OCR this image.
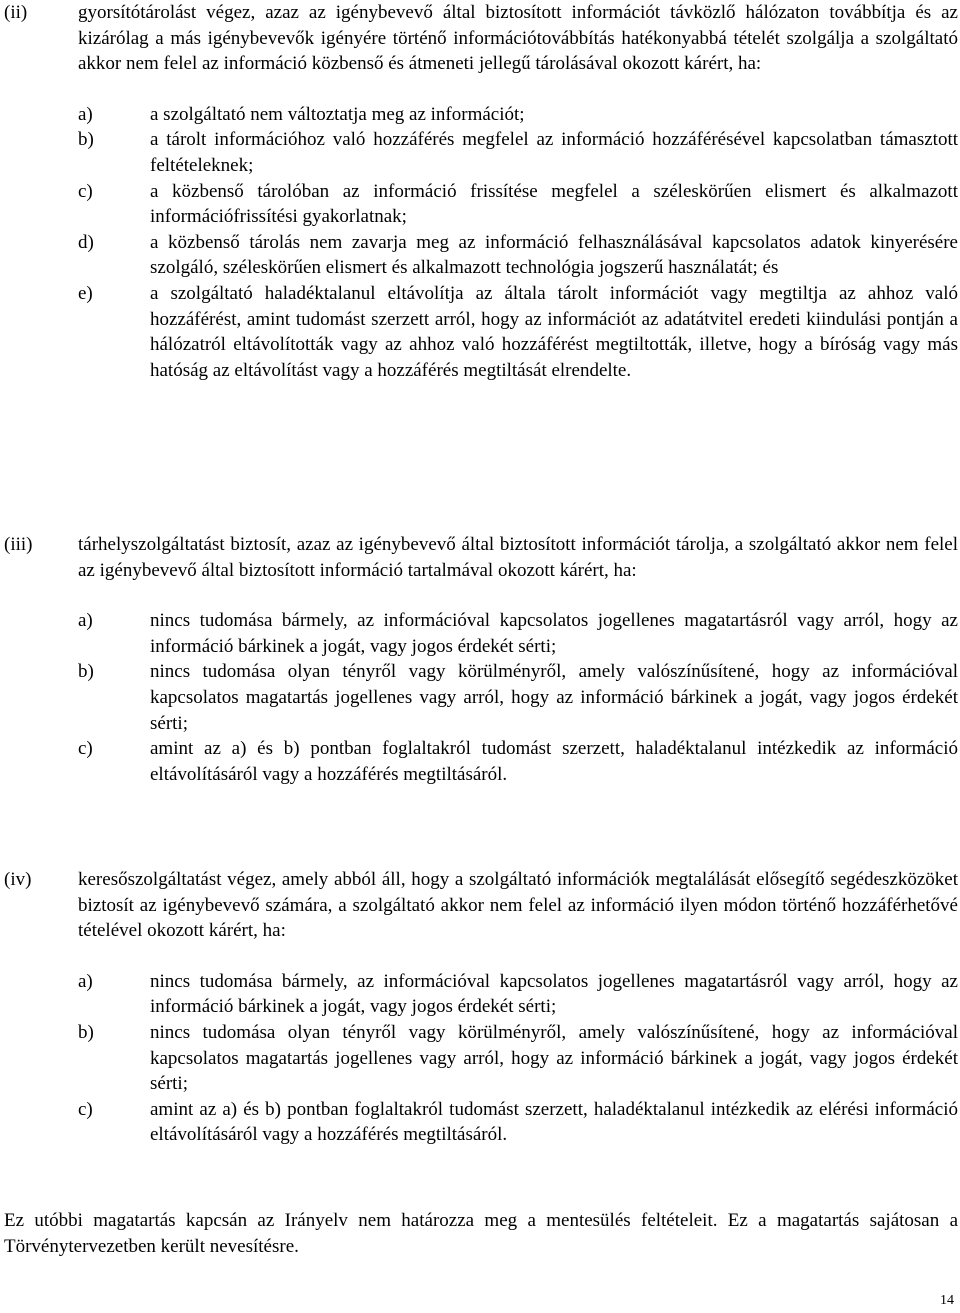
(ii)	gyorsítótárolást végez, azaz az igénybevevő által biztosított információt távközlő hálózaton továbbítja és az kizárólag a más igénybevevők igényére történő információtovábbítás hatékonyabbá tételét szolgálja a szolgáltató akkor nem felel az információ közbenső és átmeneti jellegű tárolásával okozott kárért, ha:

a)	a szolgáltató nem változtatja meg az információt;
b)	a tárolt információhoz való hozzáférés megfelel az információ hozzáférésével kapcsolatban támasztott feltételeknek;
c)	a közbenső tárolóban az információ frissítése megfelel a széleskörűen elismert és alkalmazott információfrissítési gyakorlatnak;
d)	a közbenső tárolás nem zavarja meg az információ felhasználásával kapcsolatos adatok kinyerésére szolgáló, széleskörűen elismert és alkalmazott technológia jogszerű használatát; és
e)	a szolgáltató haladéktalanul eltávolítja az általa tárolt információt vagy megtiltja az ahhoz való hozzáférést, amint tudomást szerzett arról, hogy az információt az adatátvitel eredeti kiindulási pontján a hálózatról eltávolították vagy az ahhoz való hozzáférést megtiltották, illetve, hogy a bíróság vagy más hatóság az eltávolítást vagy a hozzáférés megtiltását elrendelte.
(iii)	tárhelyszolgáltatást biztosít, azaz az igénybevevő által biztosított információt tárolja, a szolgáltató akkor nem felel az igénybevevő által biztosított információ tartalmával okozott kárért, ha:

a)	nincs tudomása bármely, az információval kapcsolatos jogellenes magatartásról vagy arról, hogy az információ bárkinek a jogát, vagy jogos érdekét sérti;
b)	nincs tudomása olyan tényről vagy körülményről, amely valószínűsítené, hogy az információval kapcsolatos magatartás jogellenes vagy arról, hogy az információ bárkinek a jogát, vagy jogos érdekét sérti;
c)	amint az a) és b) pontban foglaltakról tudomást szerzett, haladéktalanul intézkedik az információ eltávolításáról vagy a hozzáférés megtiltásáról.
(iv)	keresőszolgáltatást végez, amely abból áll, hogy a szolgáltató információk megtalálását elősegítő segédeszközöket biztosít az igénybevevő számára, a szolgáltató akkor nem felel az információ ilyen módon történő hozzáférhetővé tételével okozott kárért, ha:

a)	nincs tudomása bármely, az információval kapcsolatos jogellenes magatartásról vagy arról, hogy az információ bárkinek a jogát, vagy jogos érdekét sérti;
b)	nincs tudomása olyan tényről vagy körülményről, amely valószínűsítené, hogy az információval kapcsolatos magatartás jogellenes vagy arról, hogy az információ bárkinek a jogát, vagy jogos érdekét sérti;
c)	amint az a) és b) pontban foglaltakról tudomást szerzett, haladéktalanul intézkedik az elérési információ eltávolításáról vagy a hozzáférés megtiltásáról.

Ez utóbbi magatartás kapcsán az Irányelv nem határozza meg a mentesülés feltételeit. Ez a magatartás sajátosan a Törvénytervezetben került nevesítésre.

14
